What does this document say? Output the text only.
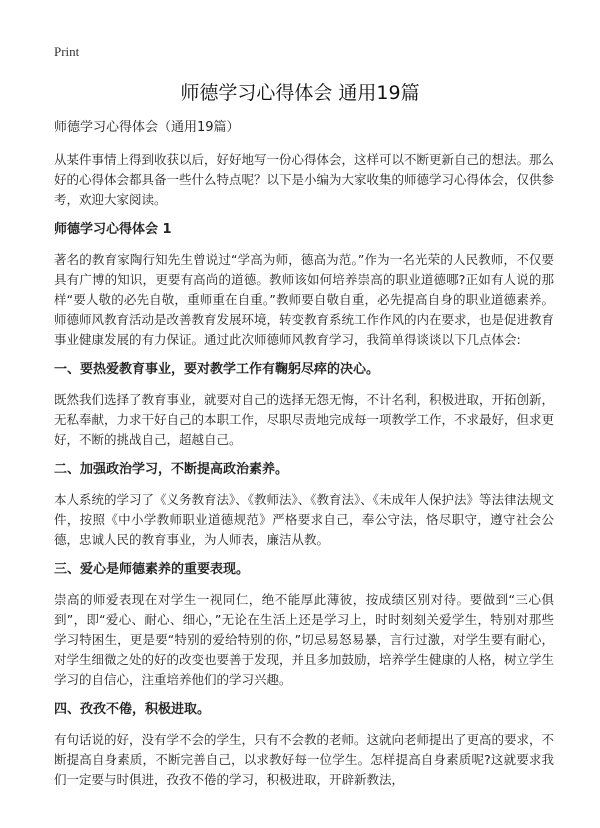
Print
师德学习心得体会 通用19篇

师德学习心得体会（通用19篇）

从某件事情上得到收获以后，好好地写一份心得体会，这样可以不断更新自己的想法。那么好的心得体会都具备一些什么特点呢？以下是小编为大家收集的师德学习心得体会，仅供参考，欢迎大家阅读。

师德学习心得体会 1

著名的教育家陶行知先生曾说过“学高为师，德高为范。”作为一名光荣的人民教师，不仅要具有广博的知识，更要有高尚的道德。教师该如何培养崇高的职业道德哪?正如有人说的那样“要人敬的必先自敬，重师重在自重。”教师要自敬自重，必先提高自身的职业道德素养。师德师风教育活动是改善教育发展环境，转变教育系统工作作风的内在要求，也是促进教育事业健康发展的有力保证。通过此次师德师风教育学习，我简单得谈谈以下几点体会:

一、要热爱教育事业，要对教学工作有鞠躬尽瘁的决心。

既然我们选择了教育事业，就要对自己的选择无怨无悔，不计名利，积极进取，开拓创新，无私奉献，力求干好自己的本职工作，尽职尽责地完成每一项教学工作，不求最好，但求更好，不断的挑战自己，超越自己。

二、加强政治学习，不断提高政治素养。

本人系统的学习了《义务教育法》、《教师法》、《教育法》、《未成年人保护法》等法律法规文件，按照《中小学教师职业道德规范》严格要求自己，奉公守法，恪尽职守，遵守社会公德，忠诚人民的教育事业，为人师表，廉洁从教。

三、爱心是师德素养的重要表现。

崇高的师爱表现在对学生一视同仁，绝不能厚此薄彼，按成绩区别对待。要做到“三心俱到”，即“爱心、耐心、细心，”无论在生活上还是学习上，时时刻刻关爱学生，特别对那些学习特困生，更是要“特别的爱给特别的你，”切忌易怒易暴，言行过激，对学生要有耐心，对学生细微之处的好的改变也要善于发现，并且多加鼓励，培养学生健康的人格，树立学生学习的自信心，注重培养他们的学习兴趣。

四、孜孜不倦，积极进取。

有句话说的好，没有学不会的学生，只有不会教的老师。这就向老师提出了更高的要求，不断提高自身素质，不断完善自己，以求教好每一位学生。怎样提高自身素质呢?这就要求我们一定要与时俱进，孜孜不倦的学习，积极进取，开辟新教法，
